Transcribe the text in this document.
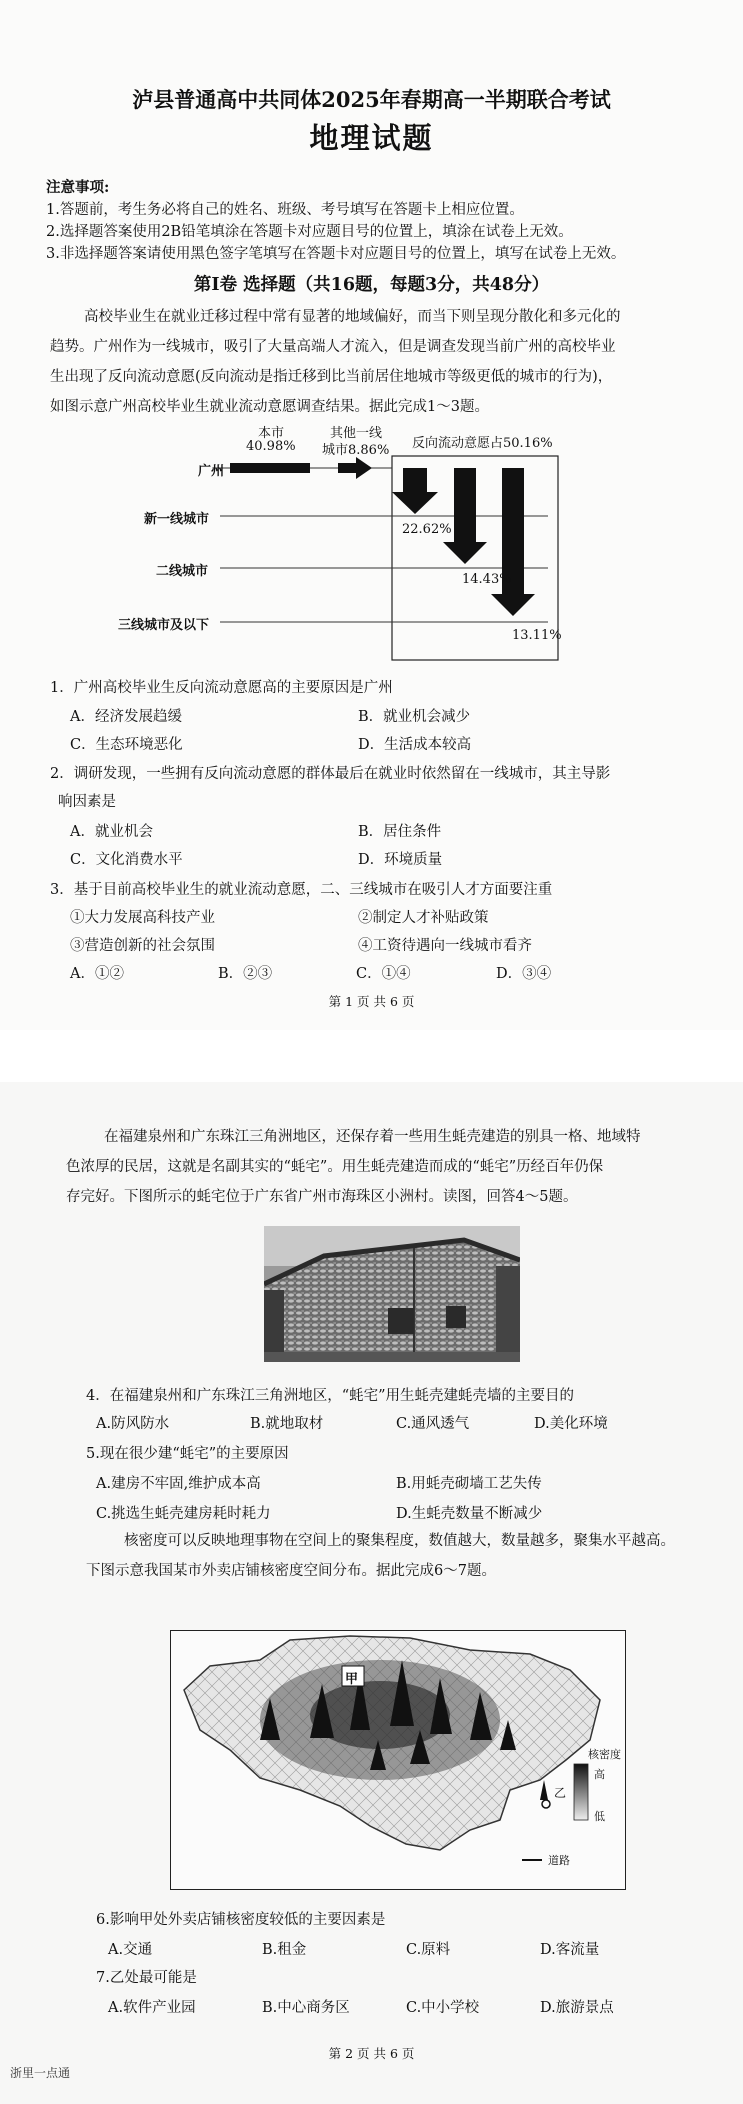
泸县普通高中共同体2025年春期高一半期联合考试
地理试题
注意事项:
1.答题前，考生务必将自己的姓名、班级、考号填写在答题卡上相应位置。
2.选择题答案使用2B铅笔填涂在答题卡对应题目号的位置上，填涂在试卷上无效。
3.非选择题答案请使用黑色签字笔填写在答题卡对应题目号的位置上，填写在试卷上无效。
第Ⅰ卷 选择题（共16题，每题3分，共48分）
高校毕业生在就业迁移过程中常有显著的地域偏好，而当下则呈现分散化和多元化的
趋势。广州作为一线城市，吸引了大量高端人才流入，但是调查发现当前广州的高校毕业
生出现了反向流动意愿(反向流动是指迁移到比当前居住地城市等级更低的城市的行为)，
如图示意广州高校毕业生就业流动意愿调查结果。据此完成1～3题。
广州
新一线城市
二线城市
三线城市及以下
本市
40.98%
其他一线
城市8.86% 反向流动意愿占50.16%
22.62%
14.43%
13.11%
1．广州高校毕业生反向流动意愿高的主要原因是广州
A．经济发展趋缓	B．就业机会减少
C．生态环境恶化	D．生活成本较高
2．调研发现，一些拥有反向流动意愿的群体最后在就业时依然留在一线城市，其主导影
响因素是
A．就业机会	B．居住条件
C．文化消费水平	D．环境质量
3．基于目前高校毕业生的就业流动意愿，二、三线城市在吸引人才方面要注重
①大力发展高科技产业	②制定人才补贴政策
③营造创新的社会氛围	④工资待遇向一线城市看齐
A．①②	B．②③	C．①④	D．③④
第 1 页 共 6 页
在福建泉州和广东珠江三角洲地区，还保存着一些用生蚝壳建造的别具一格、地域特
色浓厚的民居，这就是名副其实的“蚝宅”。用生蚝壳建造而成的“蚝宅”历经百年仍保
存完好。下图所示的蚝宅位于广东省广州市海珠区小洲村。读图，回答4～5题。
4．在福建泉州和广东珠江三角洲地区，“蚝宅”用生蚝壳建蚝壳墙的主要目的
A.防风防水	B.就地取材	C.通风透气	D.美化环境
5.现在很少建“蚝宅”的主要原因
A.建房不牢固,维护成本高	B.用蚝壳砌墙工艺失传
C.挑选生蚝壳建房耗时耗力	D.生蚝壳数量不断减少
核密度可以反映地理事物在空间上的聚集程度，数值越大，数量越多，聚集水平越高。
下图示意我国某市外卖店铺核密度空间分布。据此完成6～7题。
甲
乙
核密度
高
低
道路
6.影响甲处外卖店铺核密度较低的主要因素是
A.交通	B.租金	C.原料	D.客流量
7.乙处最可能是
A.软件产业园	B.中心商务区	C.中小学校	D.旅游景点
第 2 页 共 6 页
浙里一点通
